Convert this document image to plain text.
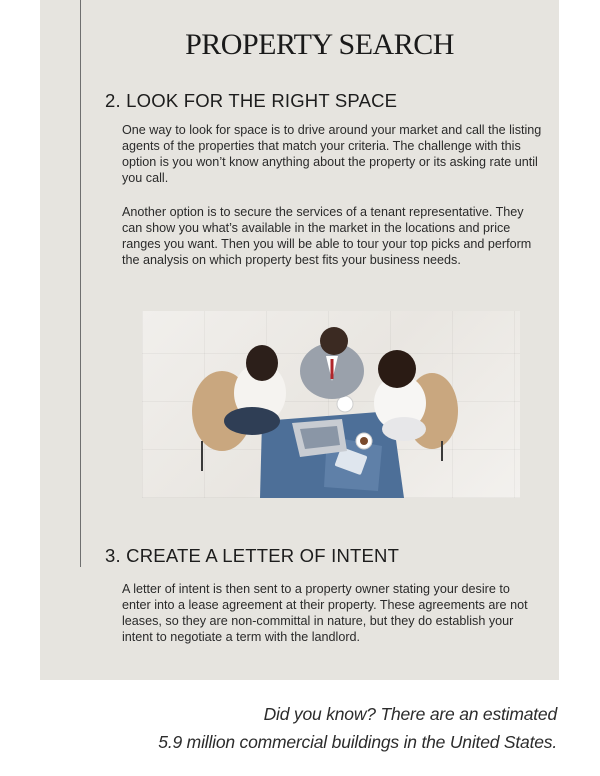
PROPERTY SEARCH
2. LOOK FOR THE RIGHT SPACE
One way to look for space is to drive around your market and call the listing agents of the properties that match your criteria. The challenge with this option is you won’t know anything about the property or its asking rate until you call.
Another option is to secure the services of a tenant representative. They can show you what’s available in the market in the locations and price ranges you want. Then you will be able to tour your top picks and perform the analysis on which property best fits your business needs.
3. CREATE A LETTER OF INTENT
A letter of intent is then sent to a property owner stating your desire to enter into a lease agreement at their property. These agreements are not leases, so they are non-committal in nature, but they do establish your intent to negotiate a term with the landlord.
Did you know? There are an estimated
5.9 million commercial buildings in the United States.
